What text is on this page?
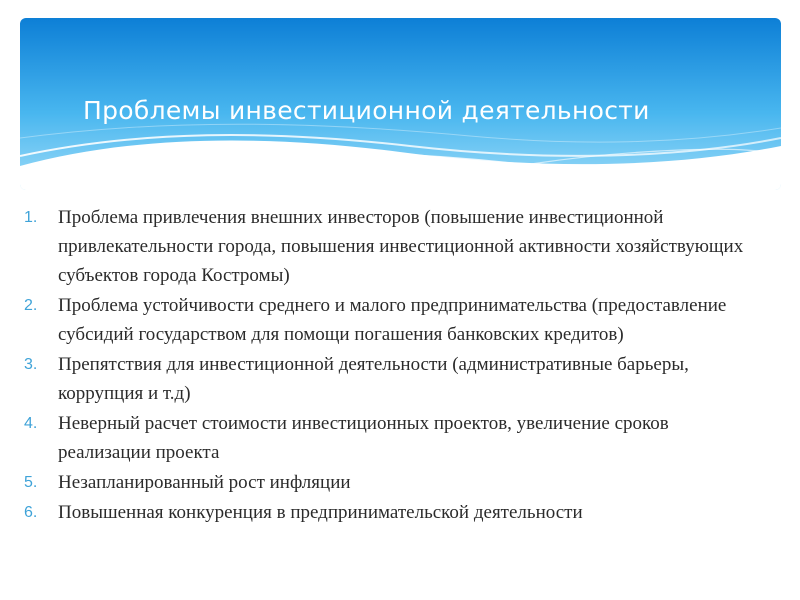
Проблемы инвестиционной деятельности
1.	Проблема привлечения внешних инвесторов (повышение инвестиционной привлекательности города, повышения инвестиционной активности хозяйствующих субъектов города Костромы)
2.	Проблема устойчивости среднего и малого предпринимательства (предоставление субсидий государством для помощи погашения банковских кредитов)
3.	Препятствия для инвестиционной деятельности (административные барьеры, коррупция и т.д)
4.	Неверный расчет стоимости инвестиционных проектов, увеличение сроков реализации проекта
5.	Незапланированный рост инфляции
6.	Повышенная конкуренция в предпринимательской деятельности
